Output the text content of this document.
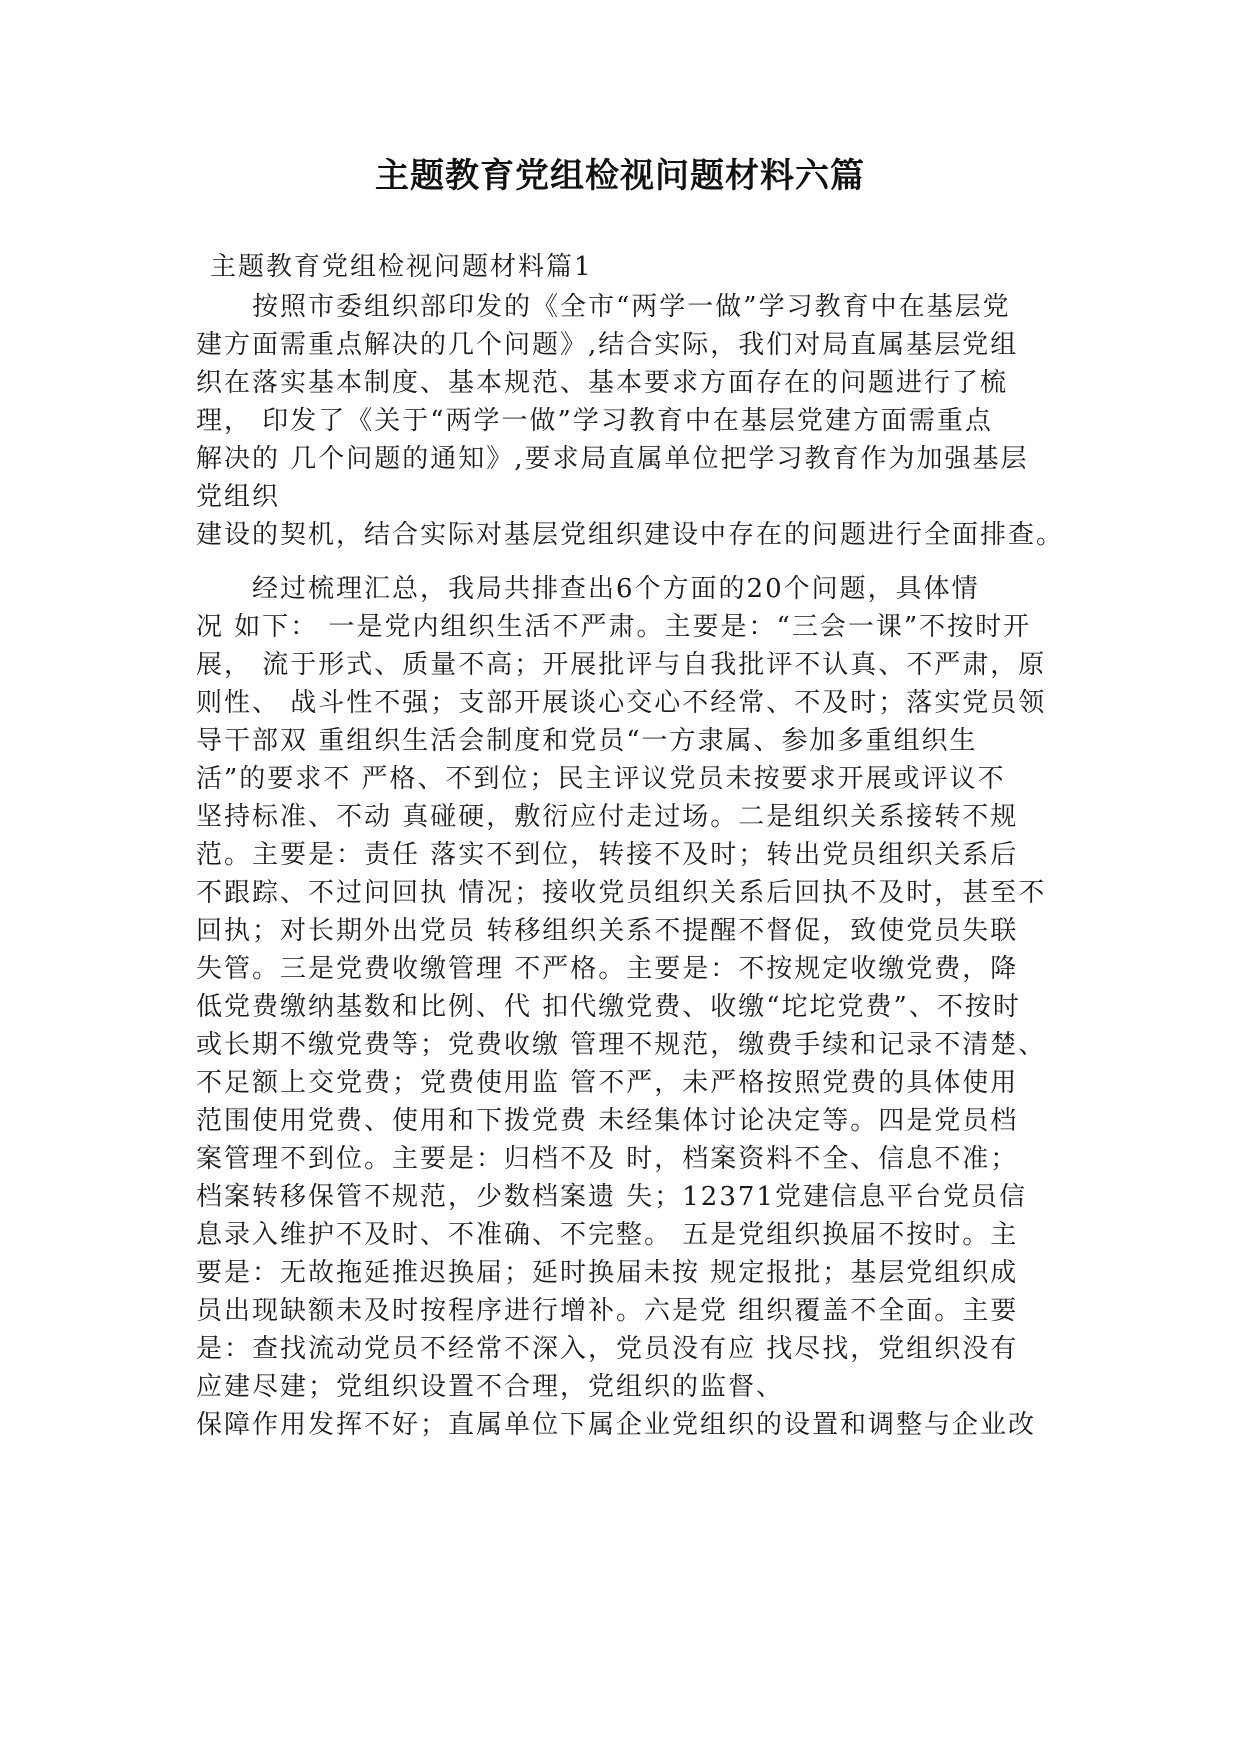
主题教育党组检视问题材料六篇
主题教育党组检视问题材料篇1
　　按照市委组织部印发的《全市“两学一做”学习教育中在基层党
建方面需重点解决的几个问题》,结合实际，我们对局直属基层党组
织在落实基本制度、基本规范、基本要求方面存在的问题进行了梳
理， 印发了《关于“两学一做”学习教育中在基层党建方面需重点
解决的 几个问题的通知》,要求局直属单位把学习教育作为加强基层
党组织
建设的契机，结合实际对基层党组织建设中存在的问题进行全面排查。
　　经过梳理汇总，我局共排查出6个方面的20个问题，具体情
况 如下： 一是党内组织生活不严肃。主要是：“三会一课”不按时开
展， 流于形式、质量不高；开展批评与自我批评不认真、不严肃，原
则性、 战斗性不强；支部开展谈心交心不经常、不及时；落实党员领
导干部双 重组织生活会制度和党员“一方隶属、参加多重组织生
活”的要求不 严格、不到位；民主评议党员未按要求开展或评议不
坚持标准、不动 真碰硬，敷衍应付走过场。二是组织关系接转不规
范。主要是：责任 落实不到位，转接不及时；转出党员组织关系后
不跟踪、不过问回执 情况；接收党员组织关系后回执不及时，甚至不
回执；对长期外出党员 转移组织关系不提醒不督促，致使党员失联
失管。三是党费收缴管理 不严格。主要是：不按规定收缴党费，降
低党费缴纳基数和比例、代 扣代缴党费、收缴“坨坨党费”、不按时
或长期不缴党费等；党费收缴 管理不规范，缴费手续和记录不清楚、
不足额上交党费；党费使用监 管不严，未严格按照党费的具体使用
范围使用党费、使用和下拨党费 未经集体讨论决定等。四是党员档
案管理不到位。主要是：归档不及 时，档案资料不全、信息不准；
档案转移保管不规范，少数档案遗 失；12371党建信息平台党员信
息录入维护不及时、不准确、不完整。 五是党组织换届不按时。主
要是：无故拖延推迟换届；延时换届未按 规定报批；基层党组织成
员出现缺额未及时按程序进行增补。六是党 组织覆盖不全面。主要
是：查找流动党员不经常不深入，党员没有应 找尽找，党组织没有
应建尽建；党组织设置不合理，党组织的监督、
保障作用发挥不好；直属单位下属企业党组织的设置和调整与企业改
